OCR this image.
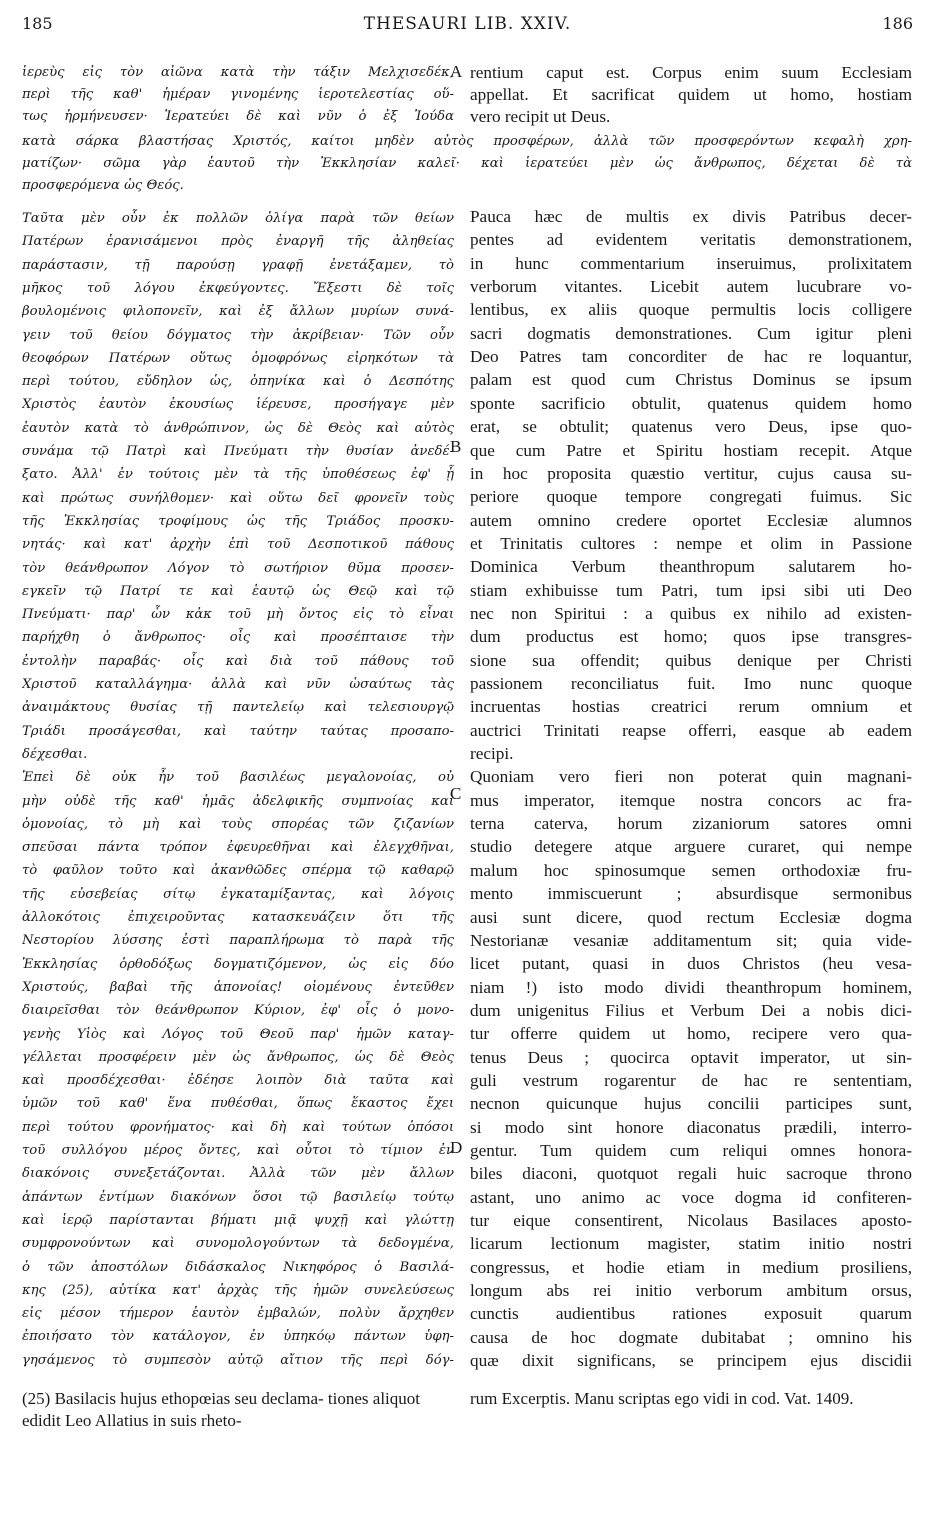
185	THESAURI LIB. XXIV.	186
ἱερεὺς εἰς τὸν αἰῶνα κατὰ τὴν τάξιν Μελχισεδέκ,
περὶ τῆς καθ' ἡμέραν γινομένης ἱεροτελεστίας οὕ-
τως ἡρμήνευσεν· Ἱερατεύει δὲ καὶ νῦν ὁ ἐξ Ἰούδα
A rentium caput est. Corpus enim suum Ecclesiam
appellat. Et sacrificat quidem ut homo, hostiam
vero recipit ut Deus.
κατὰ σάρκα βλαστήσας Χριστός, καίτοι μηδὲν αὐτὸς προσφέρων, ἀλλὰ τῶν προσφερόντων κεφαλὴ χρη-
ματίζων· σῶμα γὰρ ἑαυτοῦ τὴν Ἐκκλησίαν καλεῖ· καὶ ἱερατεύει μὲν ὡς ἄνθρωπος, δέχεται δὲ τὰ
προσφερόμενα ὡς Θεός.
Ταῦτα μὲν οὖν ἐκ πολλῶν ὀλίγα παρὰ τῶν θείων
Πατέρων ἐρανισάμενοι πρὸς ἐναργῆ τῆς ἀληθείας
παράστασιν, τῇ παρούσῃ γραφῇ ἐνετάξαμεν, τὸ
μῆκος τοῦ λόγου ἐκφεύγοντες. Ἔξεστι δὲ τοῖς
βουλομένοις φιλοπονεῖν, καὶ ἐξ ἄλλων μυρίων συνά-
γειν τοῦ θείου δόγματος τὴν ἀκρίβειαν· Τῶν οὖν
θεοφόρων Πατέρων οὕτως ὁμοφρόνως εἰρηκότων τὰ
περὶ τούτου, εὔδηλον ὡς, ὁπηνίκα καὶ ὁ Δεσπότης
Χριστὸς ἑαυτὸν ἑκουσίως ἱέρευσε, προσήγαγε μὲν
ἑαυτὸν κατὰ τὸ ἀνθρώπινον, ὡς δὲ Θεὸς καὶ αὐτὸς
συνάμα τῷ Πατρὶ καὶ Πνεύματι τὴν θυσίαν ἀνεδέ-
ξατο. Ἀλλ' ἐν τούτοις μὲν τὰ τῆς ὑποθέσεως ἐφ' ᾗ
καὶ πρώτως συνήλθομεν· καὶ οὕτω δεῖ φρονεῖν τοὺς
τῆς Ἐκκλησίας τροφίμους ὡς τῆς Τριάδος προσκυ-
νητάς· καὶ κατ' ἀρχὴν ἐπὶ τοῦ Δεσποτικοῦ πάθους
τὸν θεάνθρωπον Λόγον τὸ σωτήριον θῦμα προσεν-
εγκεῖν τῷ Πατρί τε καὶ ἑαυτῷ ὡς Θεῷ καὶ τῷ
Πνεύματι· παρ' ὧν κἀκ τοῦ μὴ ὄντος εἰς τὸ εἶναι
παρήχθη ὁ ἄνθρωπος· οἷς καὶ προσέπταισε τὴν
ἐντολὴν παραβάς· οἷς καὶ διὰ τοῦ πάθους τοῦ
Χριστοῦ καταλλάγημα· ἀλλὰ καὶ νῦν ὡσαύτως τὰς
ἀναιμάκτους θυσίας τῇ παντελείῳ καὶ τελεσιουργῷ
Τριάδι προσάγεσθαι, καὶ ταύτην ταύτας προσαπο-
δέχεσθαι.
Ἐπεὶ δὲ οὐκ ἦν τοῦ βασιλέως μεγαλονοίας, οὐ
μὴν οὐδὲ τῆς καθ' ἡμᾶς ἀδελφικῆς συμπνοίας καὶ
ὁμονοίας, τὸ μὴ καὶ τοὺς σπορέας τῶν ζιζανίων
σπεῦσαι πάντα τρόπον ἐφευρεθῆναι καὶ ἐλεγχθῆναι,
τὸ φαῦλον τοῦτο καὶ ἀκανθῶδες σπέρμα τῷ καθαρῷ
τῆς εὐσεβείας σίτῳ ἐγκαταμίξαντας, καὶ λόγοις
ἀλλοκότοις ἐπιχειροῦντας κατασκευάζειν ὅτι τῆς
Νεστορίου λύσσης ἐστὶ παραπλήρωμα τὸ παρὰ τῆς
Ἐκκλησίας ὀρθοδόξως δογματιζόμενον, ὡς εἰς δύο
Χριστούς, βαβαὶ τῆς ἀπονοίας! οἰομένους ἐντεῦθεν
διαιρεῖσθαι τὸν θεάνθρωπον Κύριον, ἐφ' οἷς ὁ μονο-
γενὴς Υἱὸς καὶ Λόγος τοῦ Θεοῦ παρ' ἡμῶν καταγ-
γέλλεται προσφέρειν μὲν ὡς ἄνθρωπος, ὡς δὲ Θεὸς
καὶ προσδέχεσθαι· ἐδέησε λοιπὸν διὰ ταῦτα καὶ
ὑμῶν τοῦ καθ' ἕνα πυθέσθαι, ὅπως ἕκαστος ἔχει
περὶ τούτου φρονήματος· καὶ δὴ καὶ τούτων ὁπόσοι
τοῦ συλλόγου μέρος ὄντες, καὶ οὗτοι τὸ τίμιον ἐν
διακόνοις συνεξετάζονται. Ἀλλὰ τῶν μὲν ἄλλων
ἁπάντων ἐντίμων διακόνων ὅσοι τῷ βασιλείῳ τούτῳ
καὶ ἱερῷ παρίστανται βήματι μιᾷ ψυχῇ καὶ γλώττῃ
συμφρονούντων καὶ συνομολογούντων τὰ δεδογμένα,
ὁ τῶν ἀποστόλων διδάσκαλος Νικηφόρος ὁ Βασιλά-
κης (25), αὐτίκα κατ' ἀρχὰς τῆς ἡμῶν συνελεύσεως
εἰς μέσον τήμερον ἑαυτὸν ἐμβαλών, πολὺν ἄρχηθεν
ἐποιήσατο τὸν κατάλογον, ἐν ὑπηκόῳ πάντων ὑφη-
γησάμενος τὸ συμπεσὸν αὐτῷ αἴτιον τῆς περὶ δόγ-
Pauca hæc de multis ex divis Patribus decer-
pentes ad evidentem veritatis demonstrationem,
in hunc commentarium inseruimus, prolixitatem
verborum vitantes. Licebit autem lucubrare vo-
lentibus, ex aliis quoque permultis locis colligere
sacri dogmatis demonstrationes. Cum igitur pleni
Deo Patres tam concorditer de hac re loquantur,
palam est quod cum Christus Dominus se ipsum
sponte sacrificio obtulit, quatenus quidem homo
erat, se obtulit; quatenus vero Deus, ipse quo-
que cum Patre et Spiritu hostiam recepit. Atque
in hoc proposita quæstio vertitur, cujus causa su-
periore quoque tempore congregati fuimus. Sic
autem omnino credere oportet Ecclesiæ alumnos
et Trinitatis cultores : nempe et olim in Passione
Dominica Verbum theanthropum salutarem ho-
stiam exhibuisse tum Patri, tum ipsi sibi uti Deo
nec non Spiritui : a quibus ex nihilo ad existen-
dum productus est homo; quos ipse transgres-
sione sua offendit; quibus denique per Christi
passionem reconciliatus fuit. Imo nunc quoque
incruentas hostias creatrici rerum omnium et
auctrici Trinitati reapse offerri, easque ab eadem
recipi.
Quoniam vero fieri non poterat quin magnani-
mus imperator, itemque nostra concors ac fra-
terna caterva, horum zizaniorum satores omni
studio detegere atque arguere curaret, qui nempe
malum hoc spinosumque semen orthodoxiæ fru-
mento immiscuerunt ; absurdisque sermonibus
ausi sunt dicere, quod rectum Ecclesiæ dogma
Nestorianæ vesaniæ additamentum sit; quia vide-
licet putant, quasi in duos Christos (heu vesa-
niam !) isto modo dividi theanthropum hominem,
dum unigenitus Filius et Verbum Dei a nobis dici-
tur offerre quidem ut homo, recipere vero qua-
tenus Deus ; quocirca optavit imperator, ut sin-
guli vestrum rogarentur de hac re sententiam,
necnon quicunque hujus concilii participes sunt,
si modo sint honore diaconatus prædili, interro-
gentur. Tum quidem cum reliqui omnes honora-
biles diaconi, quotquot regali huic sacroque throno
astant, uno animo ac voce dogma id confiteren-
tur eique consentirent, Nicolaus Basilaces aposto-
licarum lectionum magister, statim initio nostri
congressus, et hodie etiam in medium prosiliens,
longum abs rei initio verborum ambitum orsus,
cunctis audientibus rationes exposuit quarum
causa de hoc dogmate dubitabat ; omnino his
quæ dixit significans, se principem ejus discidii
B
C
D
(25) Basilacis hujus ethopœias seu declama- tiones aliquot edidit Leo Allatius in suis rheto-
rum Excerptis. Manu scriptas ego vidi in cod. Vat. 1409.
